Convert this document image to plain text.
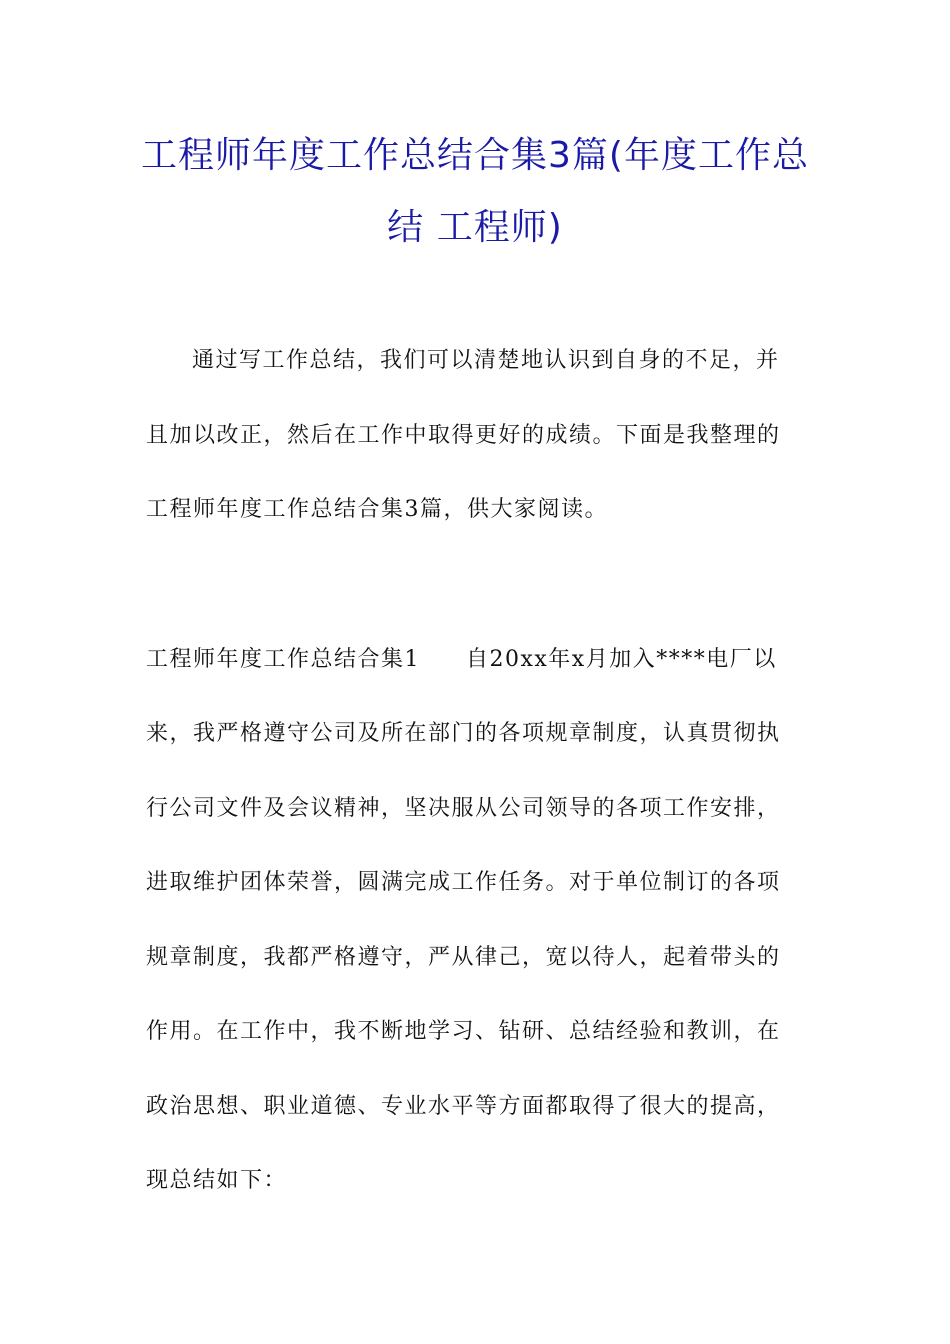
工程师年度工作总结合集3篇(年度工作总
结 工程师)
通过写工作总结，我们可以清楚地认识到自身的不足，并
且加以改正，然后在工作中取得更好的成绩。下面是我整理的
工程师年度工作总结合集3篇，供大家阅读。
工程师年度工作总结合集1 自20xx年x月加入****电厂以
来，我严格遵守公司及所在部门的各项规章制度，认真贯彻执
行公司文件及会议精神，坚决服从公司领导的各项工作安排，
进取维护团体荣誉，圆满完成工作任务。对于单位制订的各项
规章制度，我都严格遵守，严从律己，宽以待人，起着带头的
作用。在工作中，我不断地学习、钻研、总结经验和教训，在
政治思想、职业道德、专业水平等方面都取得了很大的提高，
现总结如下：
